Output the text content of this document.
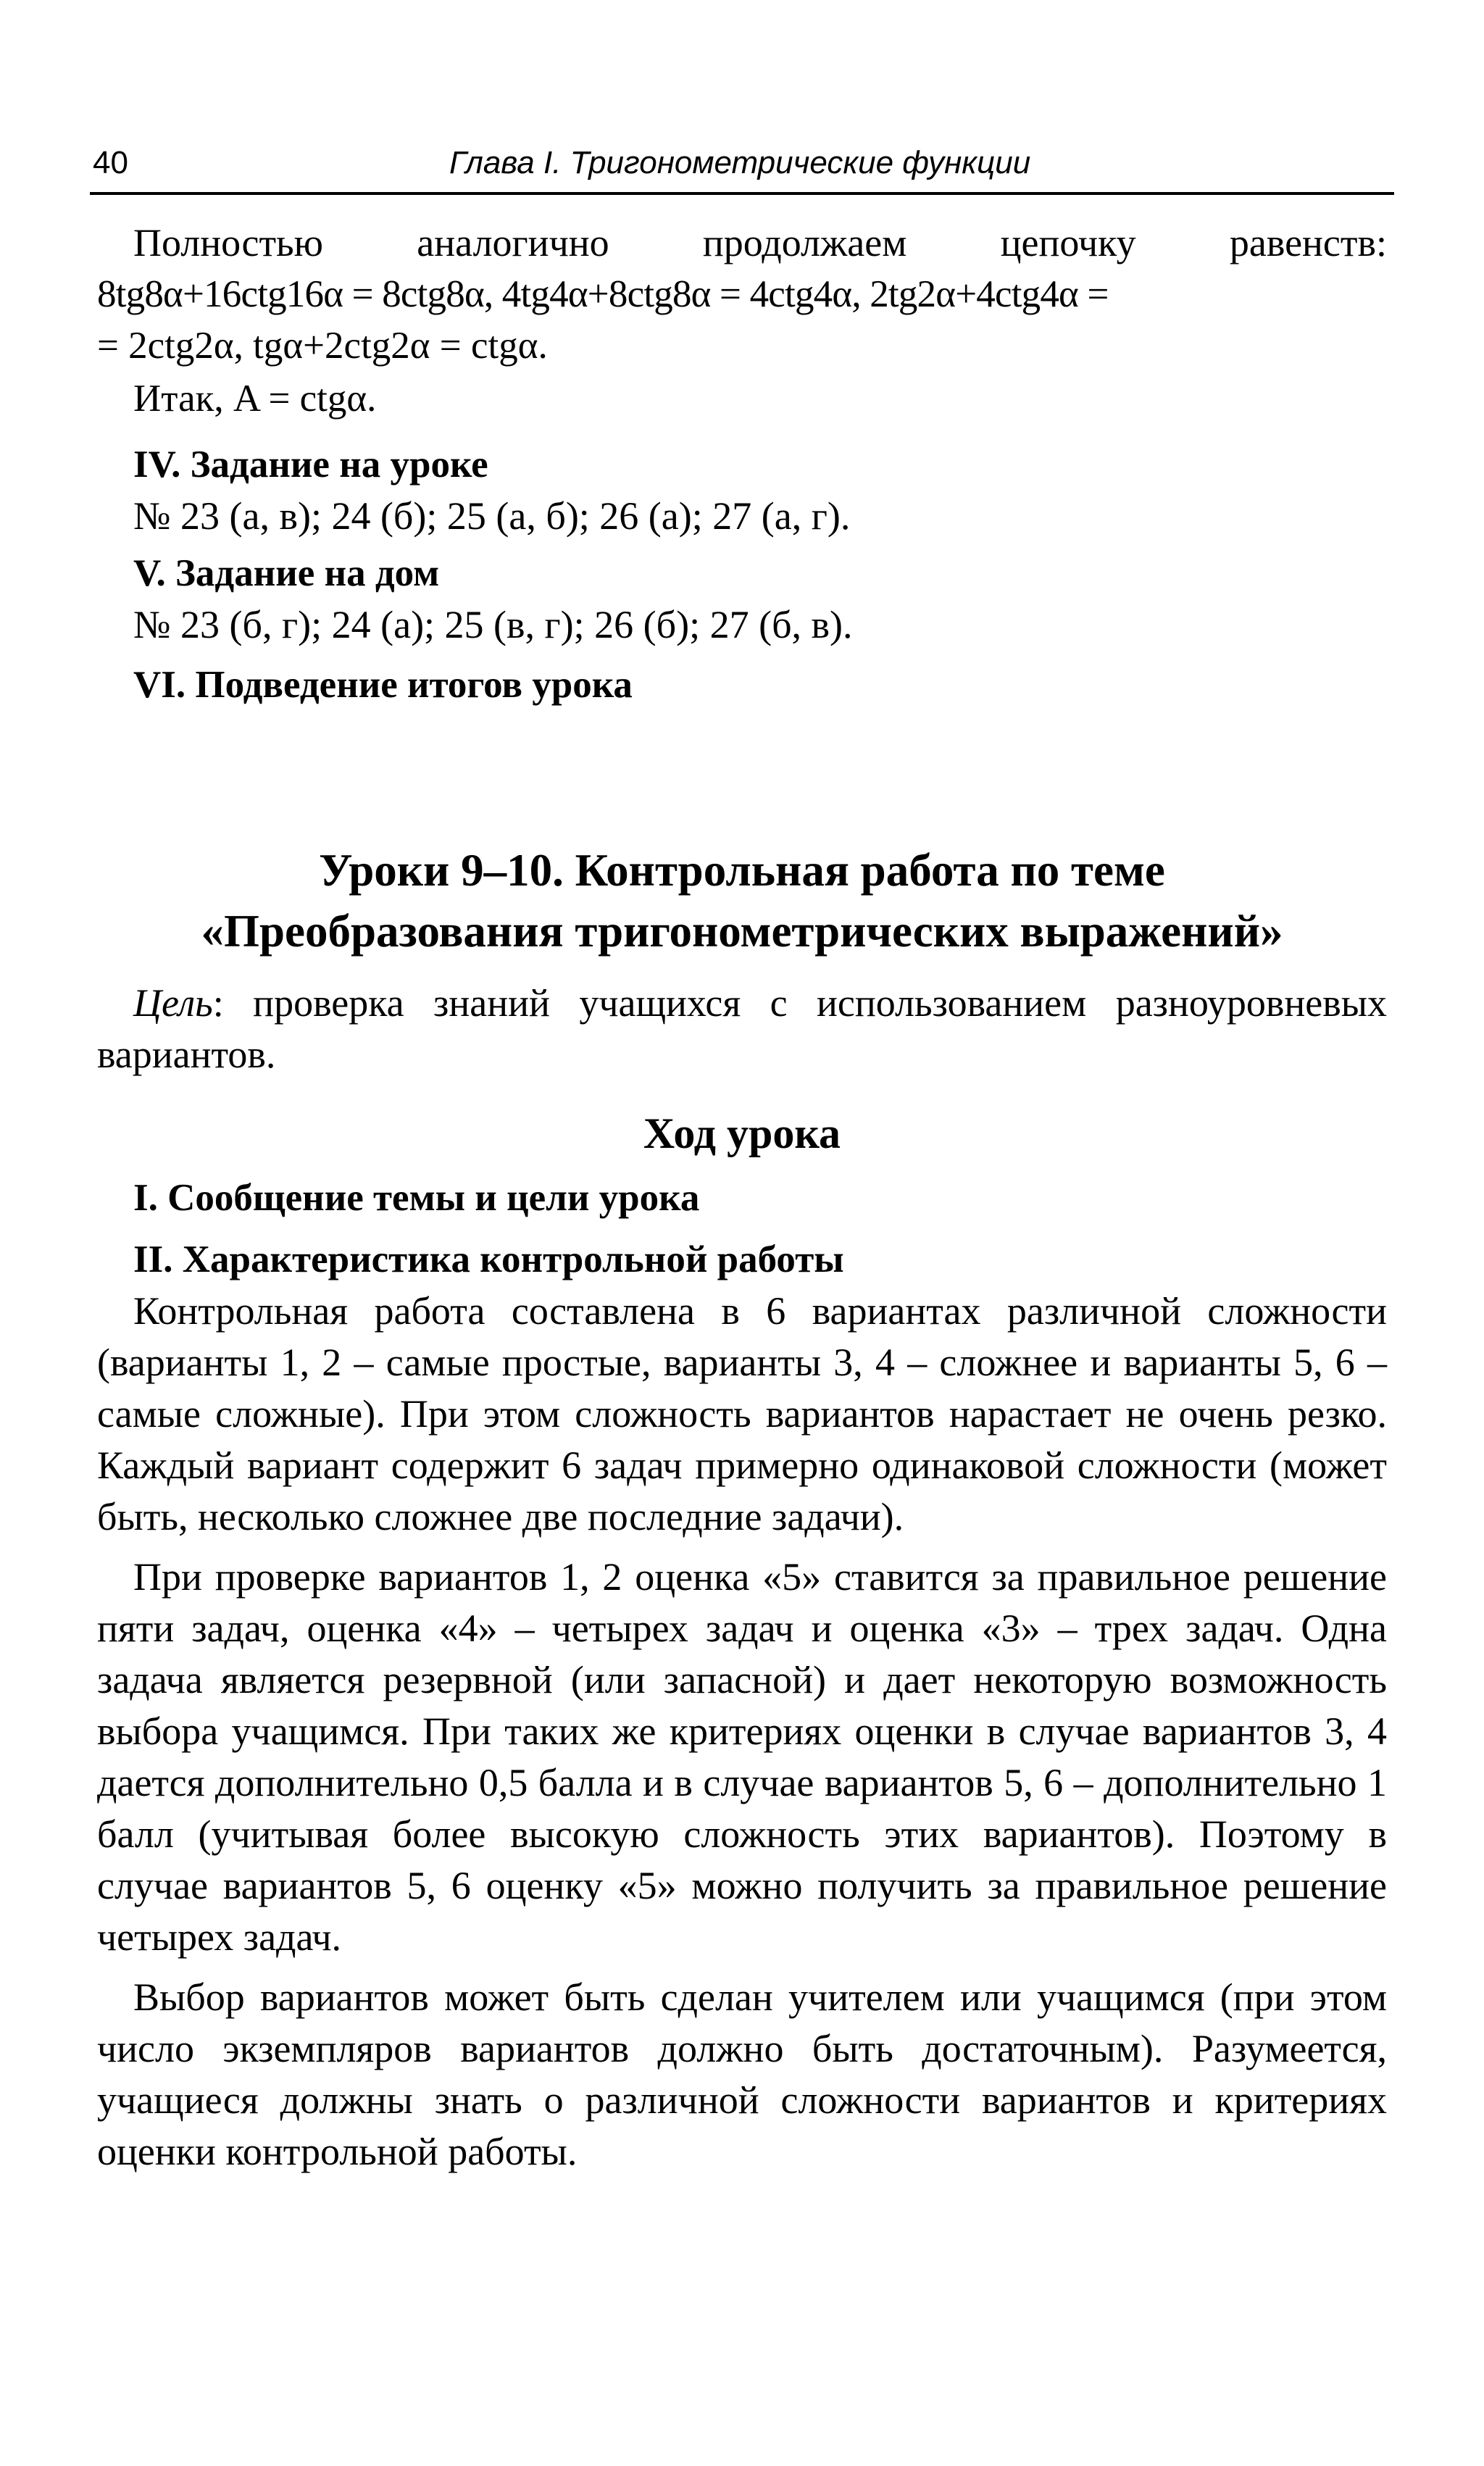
40	Глава I. Тригонометрические функции

Полностью аналогично продолжаем цепочку равенств:

8tg8α+16ctg16α = 8ctg8α, 4tg4α+8ctg8α = 4ctg4α, 2tg2α+4ctg4α =

= 2ctg2α, tgα+2ctg2α = ctgα.

Итак, A = ctgα.

IV. Задание на уроке

№ 23 (а, в); 24 (б); 25 (а, б); 26 (а); 27 (а, г).

V. Задание на дом

№ 23 (б, г); 24 (а); 25 (в, г); 26 (б); 27 (б, в).

VI. Подведение итогов урока

Уроки 9–10. Контрольная работа по теме

«Преобразования тригонометрических выражений»

Цель: проверка знаний учащихся с использованием разноуровневых вариантов.

Ход урока

I. Сообщение темы и цели урока

II. Характеристика контрольной работы

Контрольная работа составлена в 6 вариантах различной сложности (варианты 1, 2 – самые простые, варианты 3, 4 – сложнее и варианты 5, 6 – самые сложные). При этом сложность вариантов нарастает не очень резко. Каждый вариант содержит 6 задач примерно одинаковой сложности (может быть, несколько сложнее две последние задачи).

При проверке вариантов 1, 2 оценка «5» ставится за правильное решение пяти задач, оценка «4» – четырех задач и оценка «3» – трех задач. Одна задача является резервной (или запасной) и дает некоторую возможность выбора учащимся. При таких же критериях оценки в случае вариантов 3, 4 дается дополнительно 0,5 балла и в случае вариантов 5, 6 – дополнительно 1 балл (учитывая более высокую сложность этих вариантов). Поэтому в случае вариантов 5, 6 оценку «5» можно получить за правильное решение четырех задач.

Выбор вариантов может быть сделан учителем или учащимся (при этом число экземпляров вариантов должно быть достаточным). Разумеется, учащиеся должны знать о различной сложности вариантов и критериях оценки контрольной работы.
